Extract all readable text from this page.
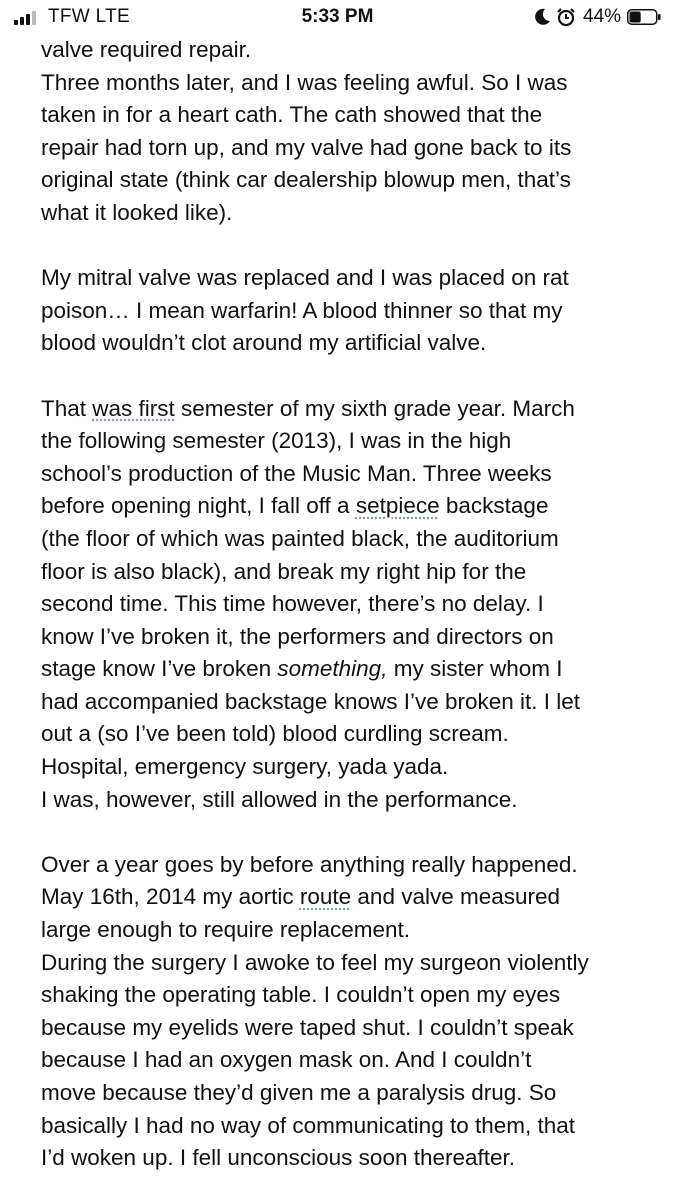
TFW LTE	5:33 PM	44%
valve required repair.
Three months later, and I was feeling awful. So I was
taken in for a heart cath. The cath showed that the
repair had torn up, and my valve had gone back to its
original state (think car dealership blowup men, that’s
what it looked like).
My mitral valve was replaced and I was placed on rat
poison… I mean warfarin! A blood thinner so that my
blood wouldn’t clot around my artificial valve.
That was first semester of my sixth grade year. March
the following semester (2013), I was in the high
school’s production of the Music Man. Three weeks
before opening night, I fall off a setpiece backstage
(the floor of which was painted black, the auditorium
floor is also black), and break my right hip for the
second time. This time however, there’s no delay. I
know I’ve broken it, the performers and directors on
stage know I’ve broken something, my sister whom I
had accompanied backstage knows I’ve broken it. I let
out a (so I’ve been told) blood curdling scream.
Hospital, emergency surgery, yada yada.
I was, however, still allowed in the performance.
Over a year goes by before anything really happened.
May 16th, 2014 my aortic route and valve measured
large enough to require replacement.
During the surgery I awoke to feel my surgeon violently
shaking the operating table. I couldn’t open my eyes
because my eyelids were taped shut. I couldn’t speak
because I had an oxygen mask on. And I couldn’t
move because they’d given me a paralysis drug. So
basically I had no way of communicating to them, that
I’d woken up. I fell unconscious soon thereafter.
